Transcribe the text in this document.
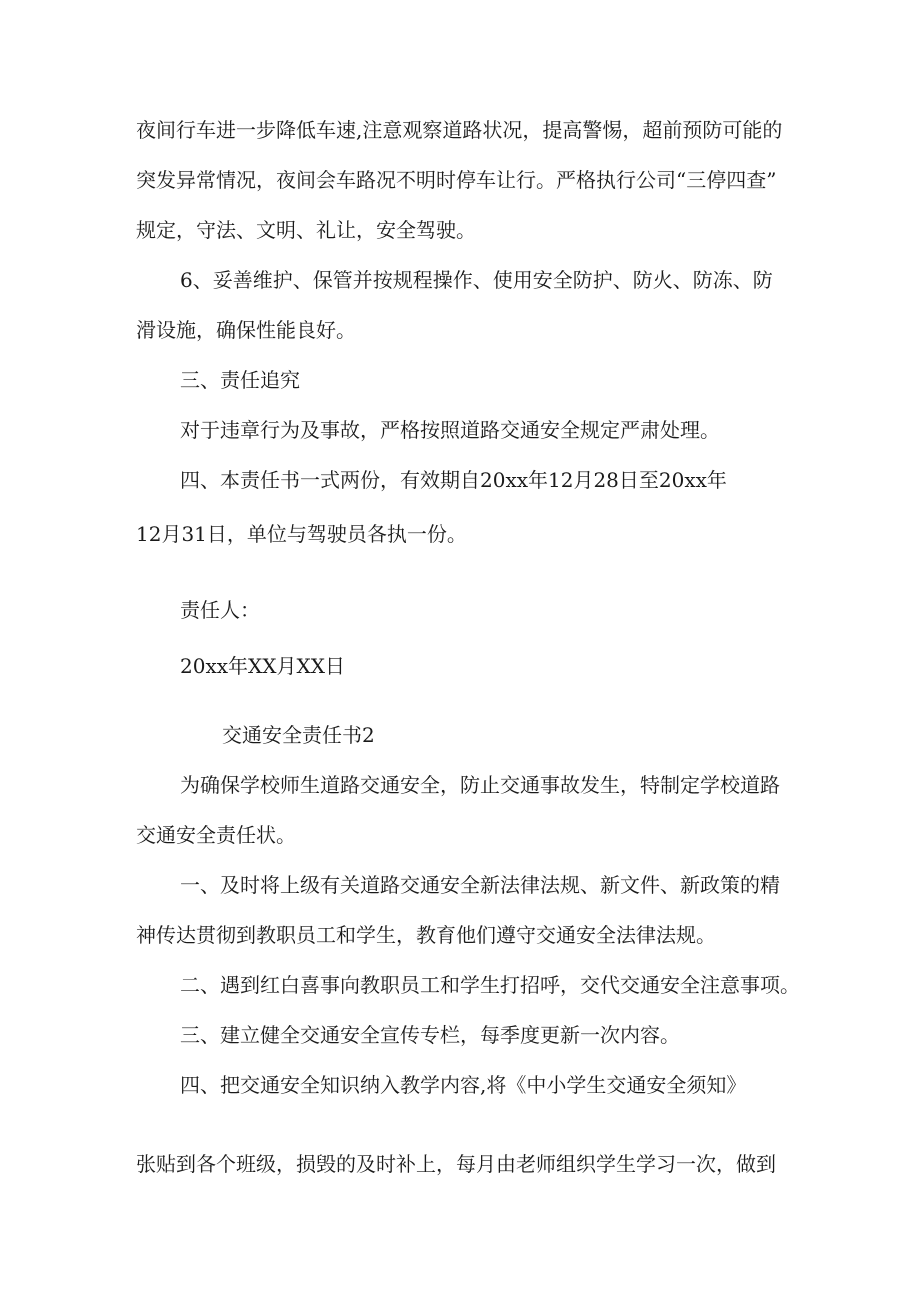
夜间行车进一步降低车速,注意观察道路状况，提高警惕，超前预防可能的

突发异常情况，夜间会车路况不明时停车让行。严格执行公司“三停四查”

规定，守法、文明、礼让，安全驾驶。

6、妥善维护、保管并按规程操作、使用安全防护、防火、防冻、防

滑设施，确保性能良好。

三、责任追究

对于违章行为及事故，严格按照道路交通安全规定严肃处理。

四、本责任书一式两份，有效期自20xx年12月28日至20xx年

12月31日，单位与驾驶员各执一份。

责任人：

20xx年XX月XX日

交通安全责任书2

为确保学校师生道路交通安全，防止交通事故发生，特制定学校道路

交通安全责任状。

一、及时将上级有关道路交通安全新法律法规、新文件、新政策的精

神传达贯彻到教职员工和学生，教育他们遵守交通安全法律法规。

二、遇到红白喜事向教职员工和学生打招呼，交代交通安全注意事项。

三、建立健全交通安全宣传专栏，每季度更新一次内容。

四、把交通安全知识纳入教学内容,将《中小学生交通安全须知》

张贴到各个班级，损毁的及时补上，每月由老师组织学生学习一次，做到
